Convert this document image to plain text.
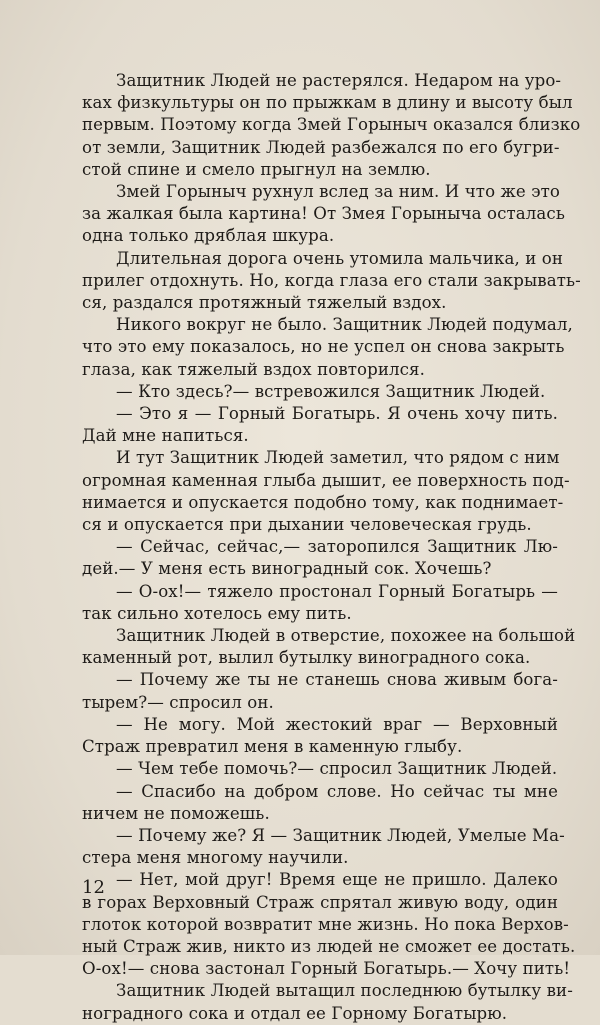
Защитник Людей не растерялся. Недаром на уро-
ках физкультуры он по прыжкам в длину и высоту был
первым. Поэтому когда Змей Горыныч оказался близко
от земли, Защитник Людей разбежался по его бугри-
стой спине и смело прыгнул на землю.
Змей Горыныч рухнул вслед за ним. И что же это
за жалкая была картина! От Змея Горыныча осталась
одна только дряблая шкура.
Длительная дорога очень утомила мальчика, и он
прилег отдохнуть. Но, когда глаза его стали закрывать-
ся, раздался протяжный тяжелый вздох.
Никого вокруг не было. Защитник Людей подумал,
что это ему показалось, но не успел он снова закрыть
глаза, как тяжелый вздох повторился.
— Кто здесь?— встревожился Защитник Людей.
— Это я — Горный Богатырь. Я очень хочу пить.
Дай мне напиться.
И тут Защитник Людей заметил, что рядом с ним
огромная каменная глыба дышит, ее поверхность под-
нимается и опускается подобно тому, как поднимает-
ся и опускается при дыхании человеческая грудь.
— Сейчас, сейчас,— заторопился Защитник Лю-
дей.— У меня есть виноградный сок. Хочешь?
— О-ох!— тяжело простонал Горный Богатырь —
так сильно хотелось ему пить.
Защитник Людей в отверстие, похожее на большой
каменный рот, вылил бутылку виноградного сока.
— Почему же ты не станешь снова живым бога-
тырем?— спросил он.
— Не могу. Мой жестокий враг — Верховный
Страж превратил меня в каменную глыбу.
— Чем тебе помочь?— спросил Защитник Людей.
— Спасибо на добром слове. Но сейчас ты мне
ничем не поможешь.
— Почему же? Я — Защитник Людей, Умелые Ма-
стера меня многому научили.
— Нет, мой друг! Время еще не пришло. Далеко
в горах Верховный Страж спрятал живую воду, один
глоток которой возвратит мне жизнь. Но пока Верхов-
ный Страж жив, никто из людей не сможет ее достать.
О-ох!— снова застонал Горный Богатырь.— Хочу пить!
Защитник Людей вытащил последнюю бутылку ви-
ноградного сока и отдал ее Горному Богатырю.
12
